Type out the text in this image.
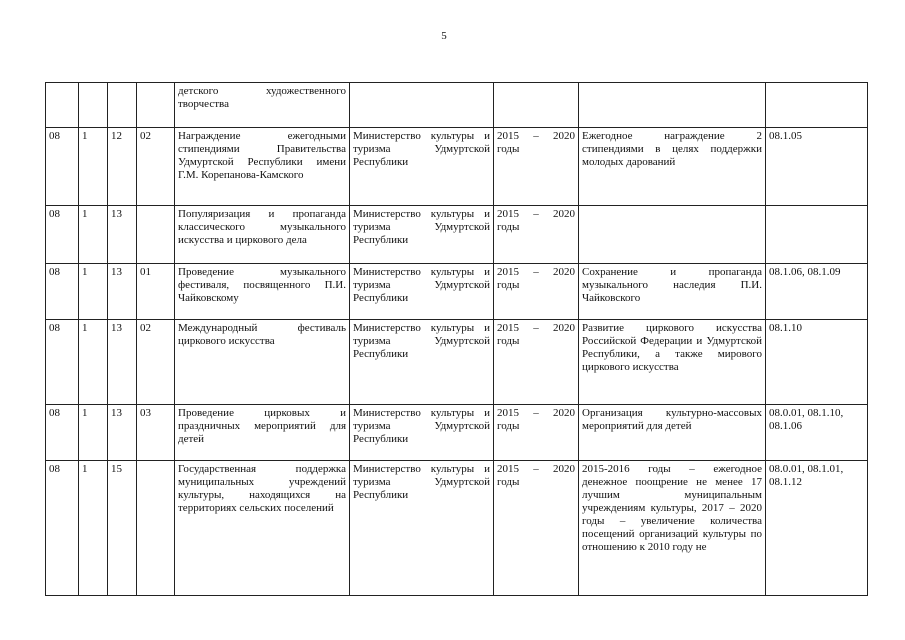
5
				детского художественного творчества				
08	1	12	02	Награждение ежегодными стипендиями Правительства Удмуртской Республики имени Г.М. Корепанова-Камского	Министерство культуры и туризма Удмуртской Республики	2015 – 2020 годы	Ежегодное награждение 2 стипендиями в целях поддержки молодых дарований	08.1.05
08	1	13		Популяризация и пропаганда классического музыкального искусства и циркового дела	Министерство культуры и туризма Удмуртской Республики	2015 – 2020 годы		
08	1	13	01	Проведение музыкального фестиваля, посвященного П.И. Чайковскому	Министерство культуры и туризма Удмуртской Республики	2015 – 2020 годы	Сохранение и пропаганда музыкального наследия П.И. Чайковского	08.1.06, 08.1.09
08	1	13	02	Международный фестиваль циркового искусства	Министерство культуры и туризма Удмуртской Республики	2015 – 2020 годы	Развитие циркового искусства Российской Федерации и Удмуртской Республики, а также мирового циркового искусства	08.1.10
08	1	13	03	Проведение цирковых и праздничных мероприятий для детей	Министерство культуры и туризма Удмуртской Республики	2015 – 2020 годы	Организация культурно-массовых мероприятий для детей	08.0.01, 08.1.10, 08.1.06
08	1	15		Государственная поддержка муниципальных учреждений культуры, находящихся на территориях сельских поселений	Министерство культуры и туризма Удмуртской Республики	2015 – 2020 годы	2015-2016 годы – ежегодное денежное поощрение не менее 17 лучшим муниципальным учреждениям культуры, 2017 – 2020 годы – увеличение количества посещений организаций культуры по отношению к 2010 году не	08.0.01, 08.1.01, 08.1.12
